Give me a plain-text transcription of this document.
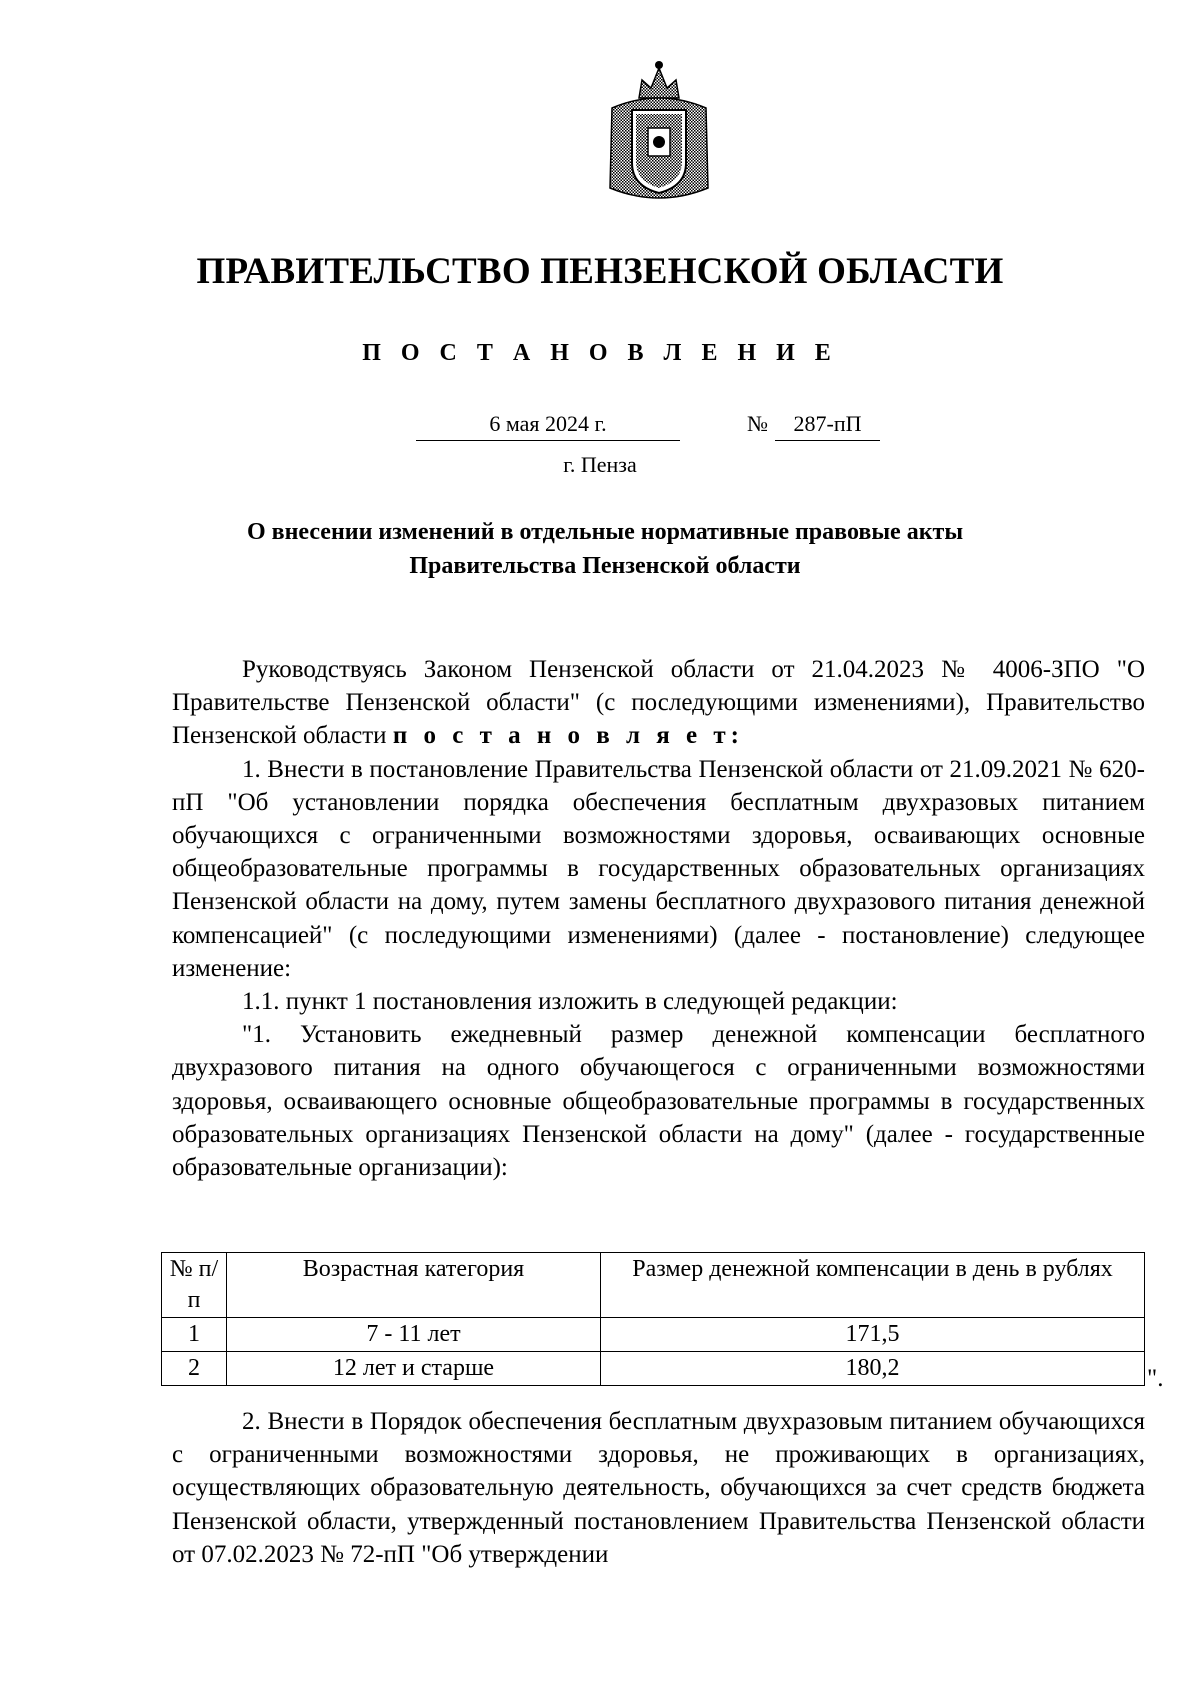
ПРАВИТЕЛЬСТВО ПЕНЗЕНСКОЙ ОБЛАСТИ
П О С Т А Н О В Л Е Н И Е
6 мая 2024 г.	№	287-пП
г. Пенза
О внесении изменений в отдельные нормативные правовые акты
Правительства Пензенской области

Руководствуясь Законом Пензенской области от 21.04.2023 № 4006-ЗПО "О Правительстве Пензенской области" (с последующими изменениями), Правительство Пензенской области п о с т а н о в л я е т:

1. Внести в постановление Правительства Пензенской области от 21.09.2021 № 620-пП "Об установлении порядка обеспечения бесплатным двухразовых питанием обучающихся с ограниченными возможностями здоровья, осваивающих основные общеобразовательные программы в государственных образовательных организациях Пензенской области на дому, путем замены бесплатного двухразового питания денежной компенсацией" (с последующими изменениями) (далее - постановление) следующее изменение:

1.1. пункт 1 постановления изложить в следующей редакции:

"1. Установить ежедневный размер денежной компенсации бесплатного двухразового питания на одного обучающегося с ограниченными возможностями здоровья, осваивающего основные общеобразовательные программы в государственных образовательных организациях Пензенской области на дому" (далее - государственные образовательные организации):

№ п/п	Возрастная категория	Размер денежной компенсации в день в рублях
1	7 - 11 лет	171,5
2	12 лет и старше	180,2	".

2. Внести в Порядок обеспечения бесплатным двухразовым питанием обучающихся с ограниченными возможностями здоровья, не проживающих в организациях, осуществляющих образовательную деятельность, обучающихся за счет средств бюджета Пензенской области, утвержденный постановлением Правительства Пензенской области от 07.02.2023 № 72-пП "Об утверждении
